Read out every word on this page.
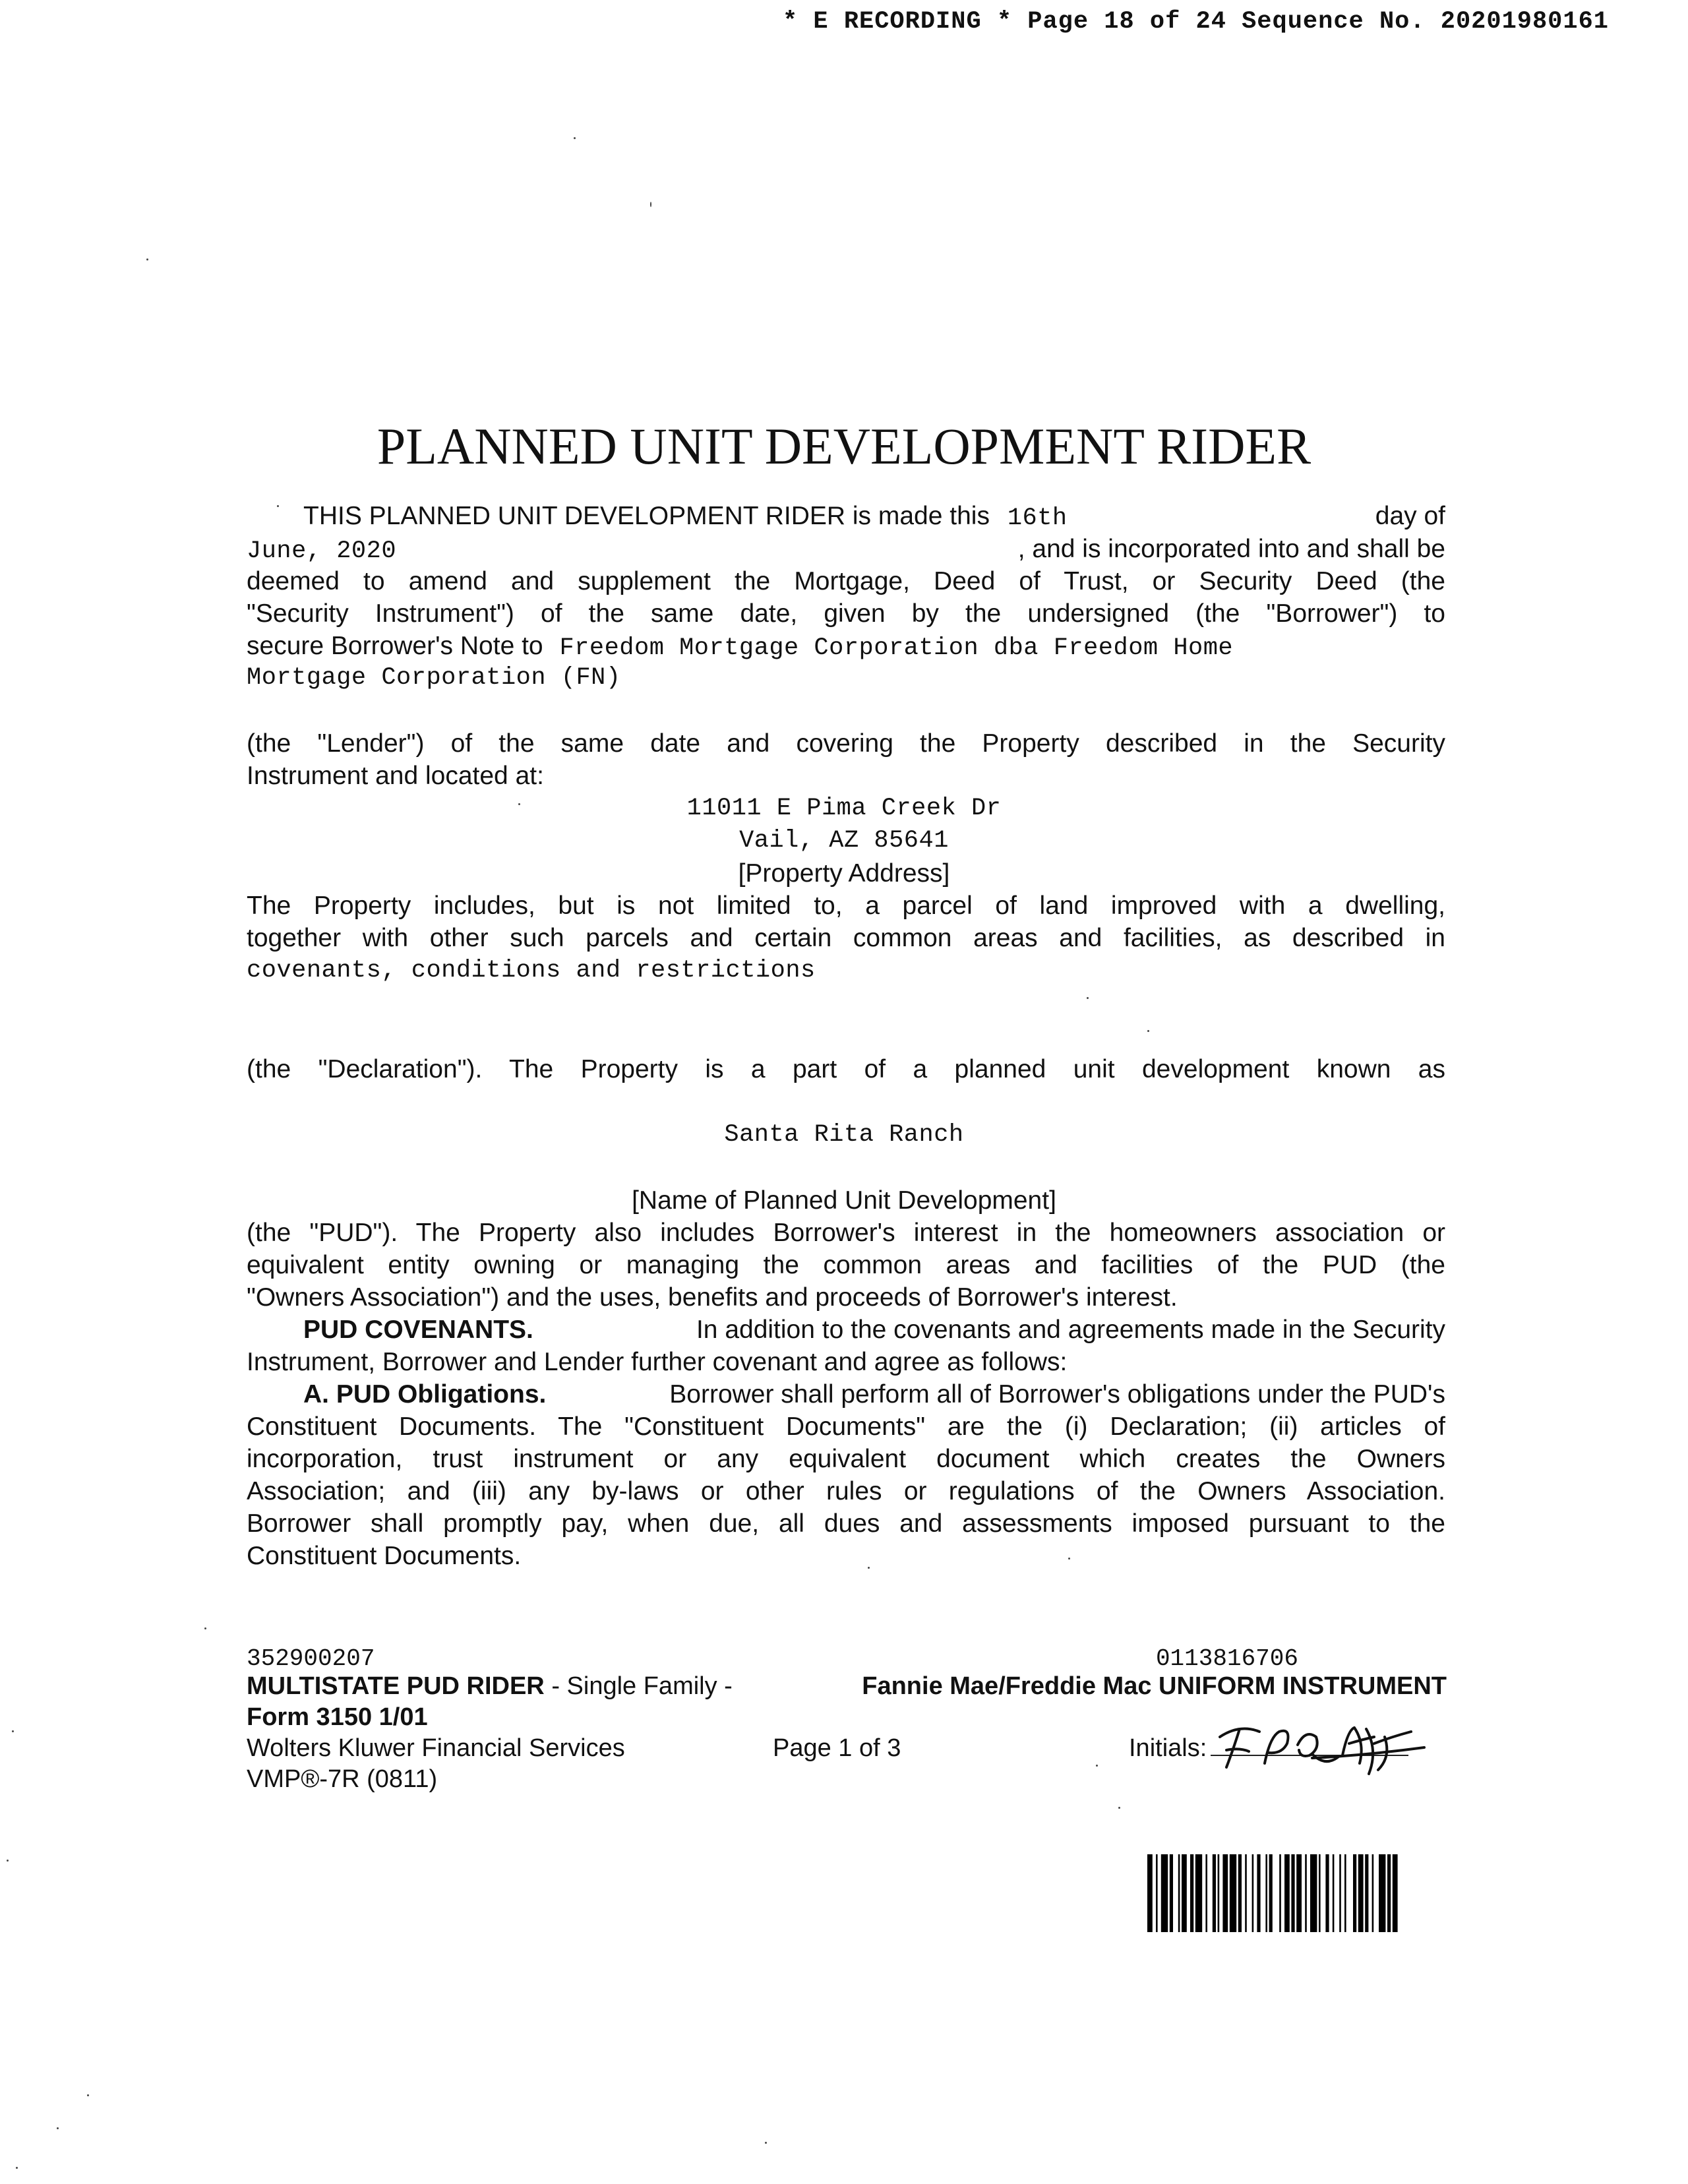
* E RECORDING * Page 18 of 24 Sequence No. 20201980161
PLANNED UNIT DEVELOPMENT RIDER
THIS PLANNED UNIT DEVELOPMENT RIDER is made this 16th	day of
June, 2020	, and is incorporated into and shall be
deemed to amend and supplement the Mortgage, Deed of Trust, or Security Deed (the
"Security Instrument") of the same date, given by the undersigned (the "Borrower") to
secure Borrower's Note to Freedom Mortgage Corporation dba Freedom Home
Mortgage Corporation (FN)
(the "Lender") of the same date and covering the Property described in the Security
Instrument and located at:
11011 E Pima Creek Dr
Vail, AZ 85641
[Property Address]
The Property includes, but is not limited to, a parcel of land improved with a dwelling,
together with other such parcels and certain common areas and facilities, as described in
covenants, conditions and restrictions
(the "Declaration"). The Property is a part of a planned unit development known as
Santa Rita Ranch
[Name of Planned Unit Development]
(the "PUD"). The Property also includes Borrower's interest in the homeowners association or
equivalent entity owning or managing the common areas and facilities of the PUD (the
"Owners Association") and the uses, benefits and proceeds of Borrower's interest.
PUD COVENANTS.	In addition to the covenants and agreements made in the Security
Instrument, Borrower and Lender further covenant and agree as follows:
A. PUD Obligations.	Borrower shall perform all of Borrower's obligations under the PUD's
Constituent Documents. The "Constituent Documents" are the (i) Declaration; (ii) articles of
incorporation, trust instrument or any equivalent document which creates the Owners
Association; and (iii) any by-laws or other rules or regulations of the Owners Association.
Borrower shall promptly pay, when due, all dues and assessments imposed pursuant to the
Constituent Documents.
352900207	0113816706
MULTISTATE PUD RIDER - Single Family -	Fannie Mae/Freddie Mac UNIFORM INSTRUMENT
Form 3150 1/01
Wolters Kluwer Financial Services	Page 1 of 3	Initials:
VMP®-7R (0811)
